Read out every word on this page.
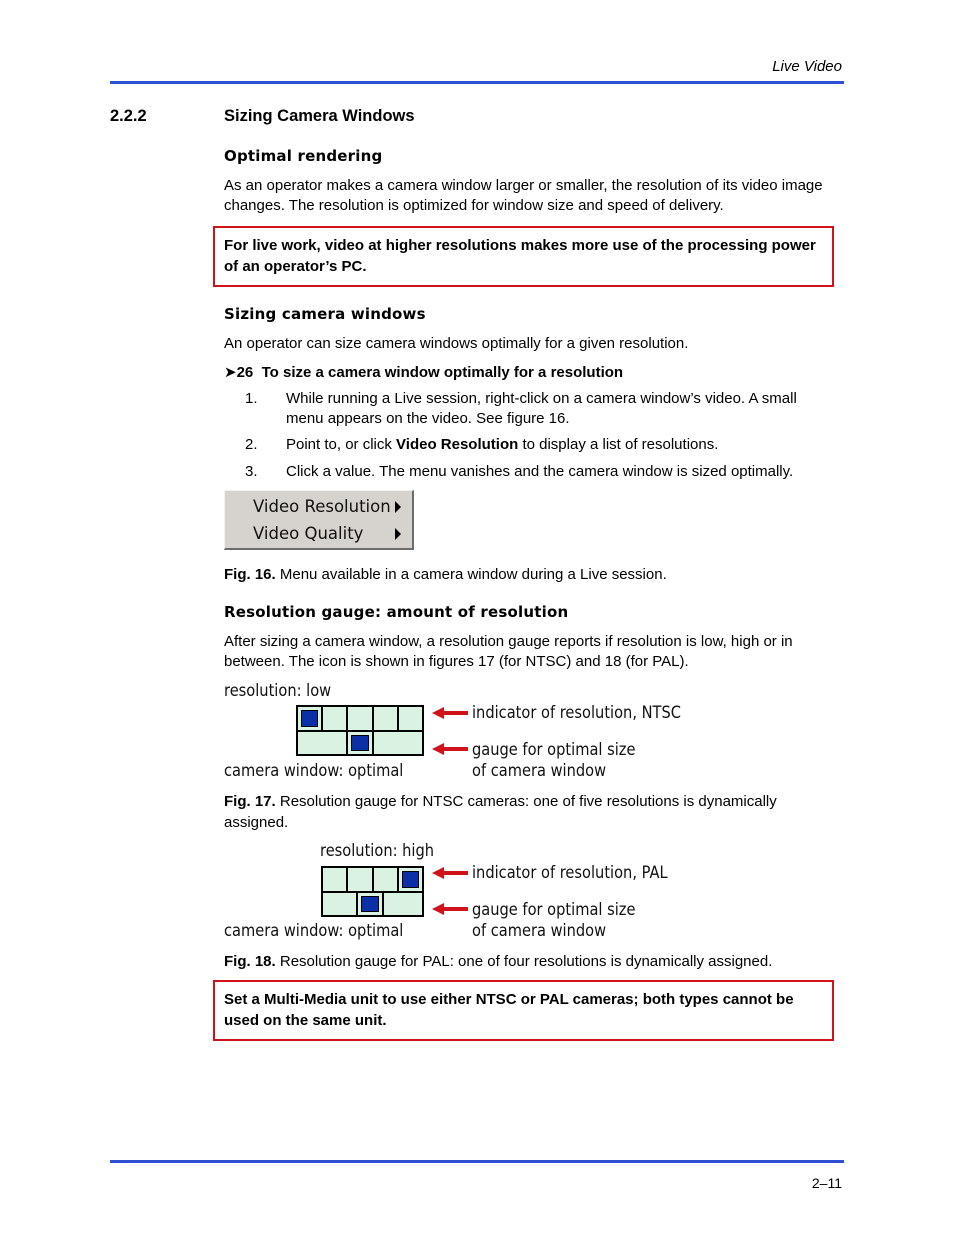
Live Video
2.2.2	Sizing Camera Windows
Optimal rendering
As an operator makes a camera window larger or smaller, the resolution of its video image changes. The resolution is optimized for window size and speed of delivery.
For live work, video at higher resolutions makes more use of the processing power of an operator’s PC.
Sizing camera windows
An operator can size camera windows optimally for a given resolution.
➤26 To size a camera window optimally for a resolution
1. While running a Live session, right-click on a camera window’s video. A small menu appears on the video. See figure 16.
2. Point to, or click Video Resolution to display a list of resolutions.
3. Click a value. The menu vanishes and the camera window is sized optimally.
Video Resolution
Video Quality
Fig. 16. Menu available in a camera window during a Live session.
Resolution gauge: amount of resolution
After sizing a camera window, a resolution gauge reports if resolution is low, high or in between. The icon is shown in figures 17 (for NTSC) and 18 (for PAL).
resolution: low
indicator of resolution, NTSC
gauge for optimal size
of camera window
camera window: optimal
Fig. 17. Resolution gauge for NTSC cameras: one of five resolutions is dynamically assigned.
resolution: high
indicator of resolution, PAL
gauge for optimal size
of camera window
camera window: optimal
Fig. 18. Resolution gauge for PAL: one of four resolutions is dynamically assigned.
Set a Multi-Media unit to use either NTSC or PAL cameras; both types cannot be used on the same unit.
2–11
